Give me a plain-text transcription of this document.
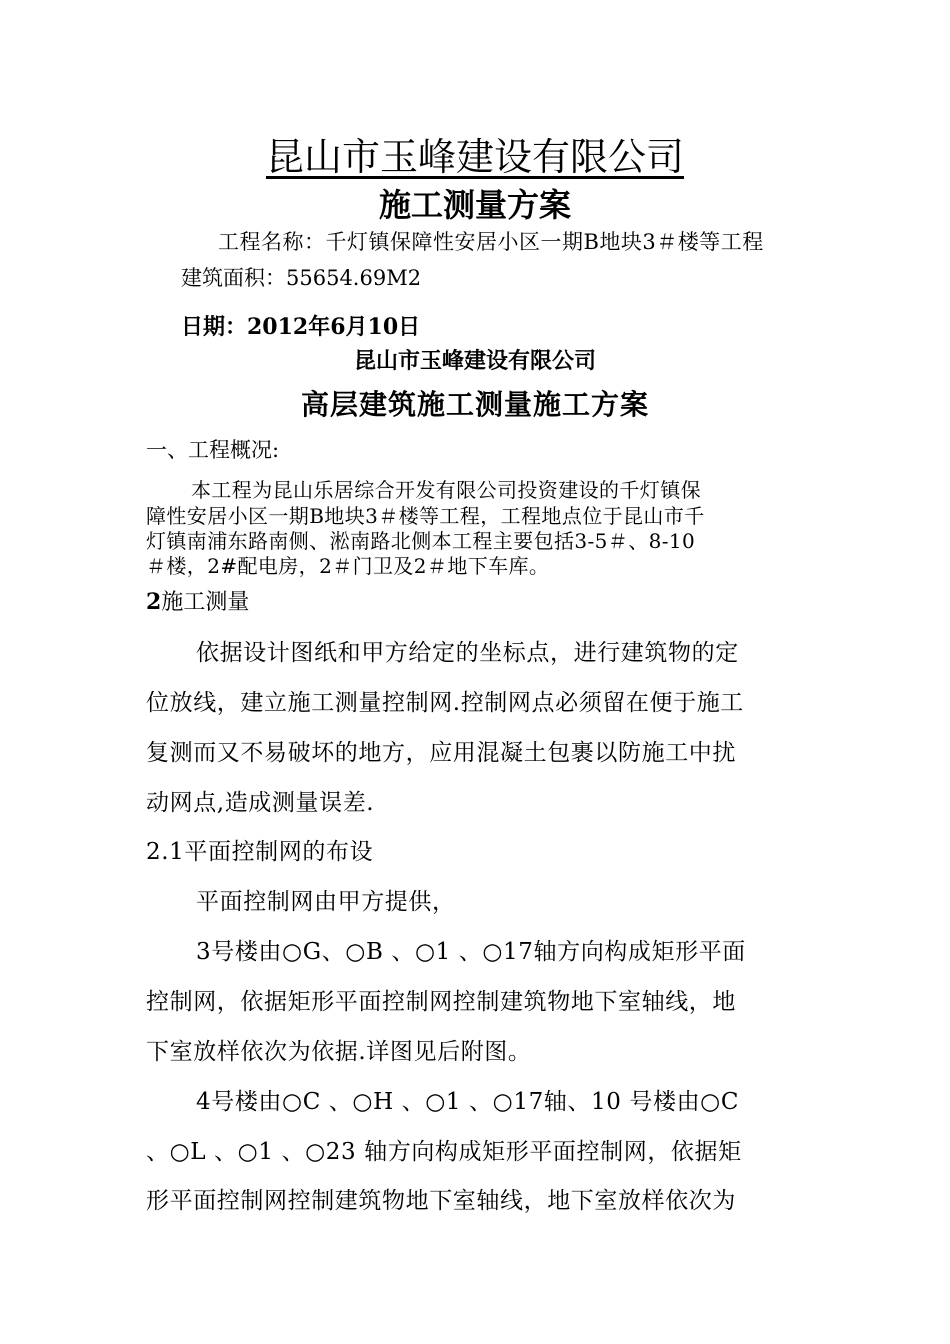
昆山市玉峰建设有限公司
施工测量方案
工程名称：千灯镇保障性安居小区一期B地块3＃楼等工程
建筑面积：55654.69M2
日期：2012年6月10日
昆山市玉峰建设有限公司
高层建筑施工测量施工方案
一、工程概况:
本工程为昆山乐居综合开发有限公司投资建设的千灯镇保
障性安居小区一期B地块3＃楼等工程，工程地点位于昆山市千
灯镇南浦东路南侧、淞南路北侧本工程主要包括3-5＃、8-10
＃楼，2#配电房，2＃门卫及2＃地下车库。
2施工测量
依据设计图纸和甲方给定的坐标点，进行建筑物的定
位放线，建立施工测量控制网.控制网点必须留在便于施工
复测而又不易破坏的地方，应用混凝土包裹以防施工中扰
动网点,造成测量误差.
2.1平面控制网的布设
平面控制网由甲方提供，
3号楼由○G、○B 、○1 、○17轴方向构成矩形平面
控制网，依据矩形平面控制网控制建筑物地下室轴线，地
下室放样依次为依据.详图见后附图。
4号楼由○C 、○H 、○1 、○17轴、10 号楼由○C
、○L 、○1 、○23 轴方向构成矩形平面控制网，依据矩
形平面控制网控制建筑物地下室轴线，地下室放样依次为
